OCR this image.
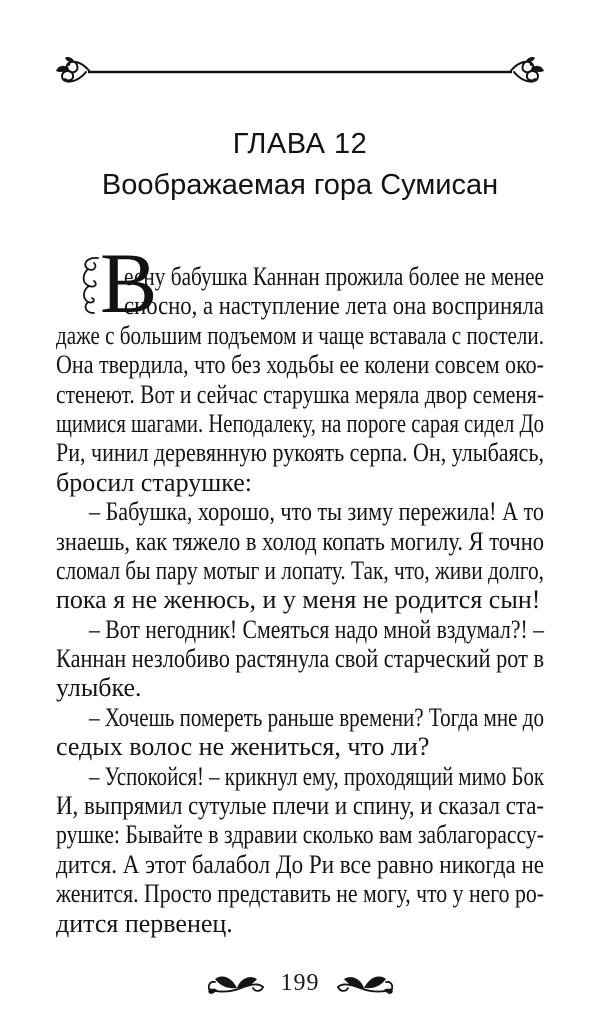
ГЛАВА 12
Воображаемая гора Сумисан
В
есну бабушка Каннан прожила более не менее
сносно, а наступление лета она восприняла
даже с большим подъемом и чаще вставала с постели.
Она твердила, что без ходьбы ее колени совсем око-
стенеют. Вот и сейчас старушка меряла двор семеня-
щимися шагами. Неподалеку, на пороге сарая сидел До
Ри, чинил деревянную рукоять серпа. Он, улыбаясь,
бросил старушке:
– Бабушка, хорошо, что ты зиму пережила! А то
знаешь, как тяжело в холод копать могилу. Я точно
сломал бы пару мотыг и лопату. Так, что, живи долго,
пока я не женюсь, и у меня не родится сын!
– Вот негодник! Смеяться надо мной вздумал?! –
Каннан незлобиво растянула свой старческий рот в
улыбке.
– Хочешь помереть раньше времени? Тогда мне до
седых волос не жениться, что ли?
– Успокойся! – крикнул ему, проходящий мимо Бок
И, выпрямил сутулые плечи и спину, и сказал ста-
рушке: Бывайте в здравии сколько вам заблагорассу-
дится. А этот балабол До Ри все равно никогда не
женится. Просто представить не могу, что у него ро-
дится первенец.
199
